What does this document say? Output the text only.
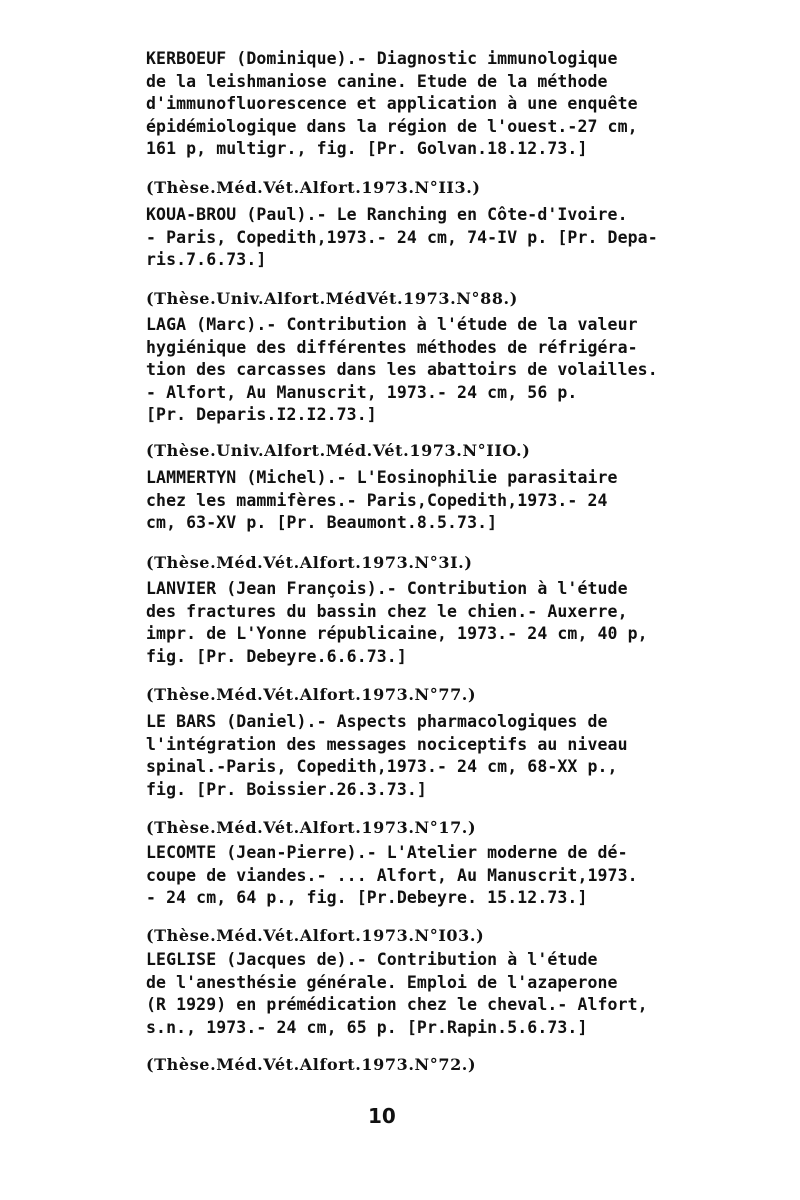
KERBOEUF (Dominique).- Diagnostic immunologique
de la leishmaniose canine. Etude de la méthode
d'immunofluorescence et application à une enquête
épidémiologique dans la région de l'ouest.-27 cm,
161 p, multigr., fig. [Pr. Golvan.18.12.73.]
(Thèse.Méd.Vét.Alfort.1973.N°II3.)
KOUA-BROU (Paul).- Le Ranching en Côte-d'Ivoire.
- Paris, Copedith,1973.- 24 cm, 74-IV p. [Pr. Depa-
ris.7.6.73.]
(Thèse.Univ.Alfort.MédVét.1973.N°88.)
LAGA (Marc).- Contribution à l'étude de la valeur
hygiénique des différentes méthodes de réfrigéra-
tion des carcasses dans les abattoirs de volailles.
- Alfort, Au Manuscrit, 1973.- 24 cm, 56 p.
[Pr. Deparis.I2.I2.73.]
(Thèse.Univ.Alfort.Méd.Vét.1973.N°IIO.)
LAMMERTYN (Michel).- L'Eosinophilie parasitaire
chez les mammifères.- Paris,Copedith,1973.- 24
cm, 63-XV p. [Pr. Beaumont.8.5.73.]
(Thèse.Méd.Vét.Alfort.1973.N°3I.)
LANVIER (Jean François).- Contribution à l'étude
des fractures du bassin chez le chien.- Auxerre,
impr. de L'Yonne républicaine, 1973.- 24 cm, 40 p,
fig. [Pr. Debeyre.6.6.73.]
(Thèse.Méd.Vét.Alfort.1973.N°77.)
LE BARS (Daniel).- Aspects pharmacologiques de
l'intégration des messages nociceptifs au niveau
spinal.-Paris, Copedith,1973.- 24 cm, 68-XX p.,
fig. [Pr. Boissier.26.3.73.]
(Thèse.Méd.Vét.Alfort.1973.N°17.)
LECOMTE (Jean-Pierre).- L'Atelier moderne de dé-
coupe de viandes.- ... Alfort, Au Manuscrit,1973.
- 24 cm, 64 p., fig. [Pr.Debeyre. 15.12.73.]
(Thèse.Méd.Vét.Alfort.1973.N°I03.)
LEGLISE (Jacques de).- Contribution à l'étude
de l'anesthésie générale. Emploi de l'azaperone
(R 1929) en prémédication chez le cheval.- Alfort,
s.n., 1973.- 24 cm, 65 p. [Pr.Rapin.5.6.73.]
(Thèse.Méd.Vét.Alfort.1973.N°72.)
10
